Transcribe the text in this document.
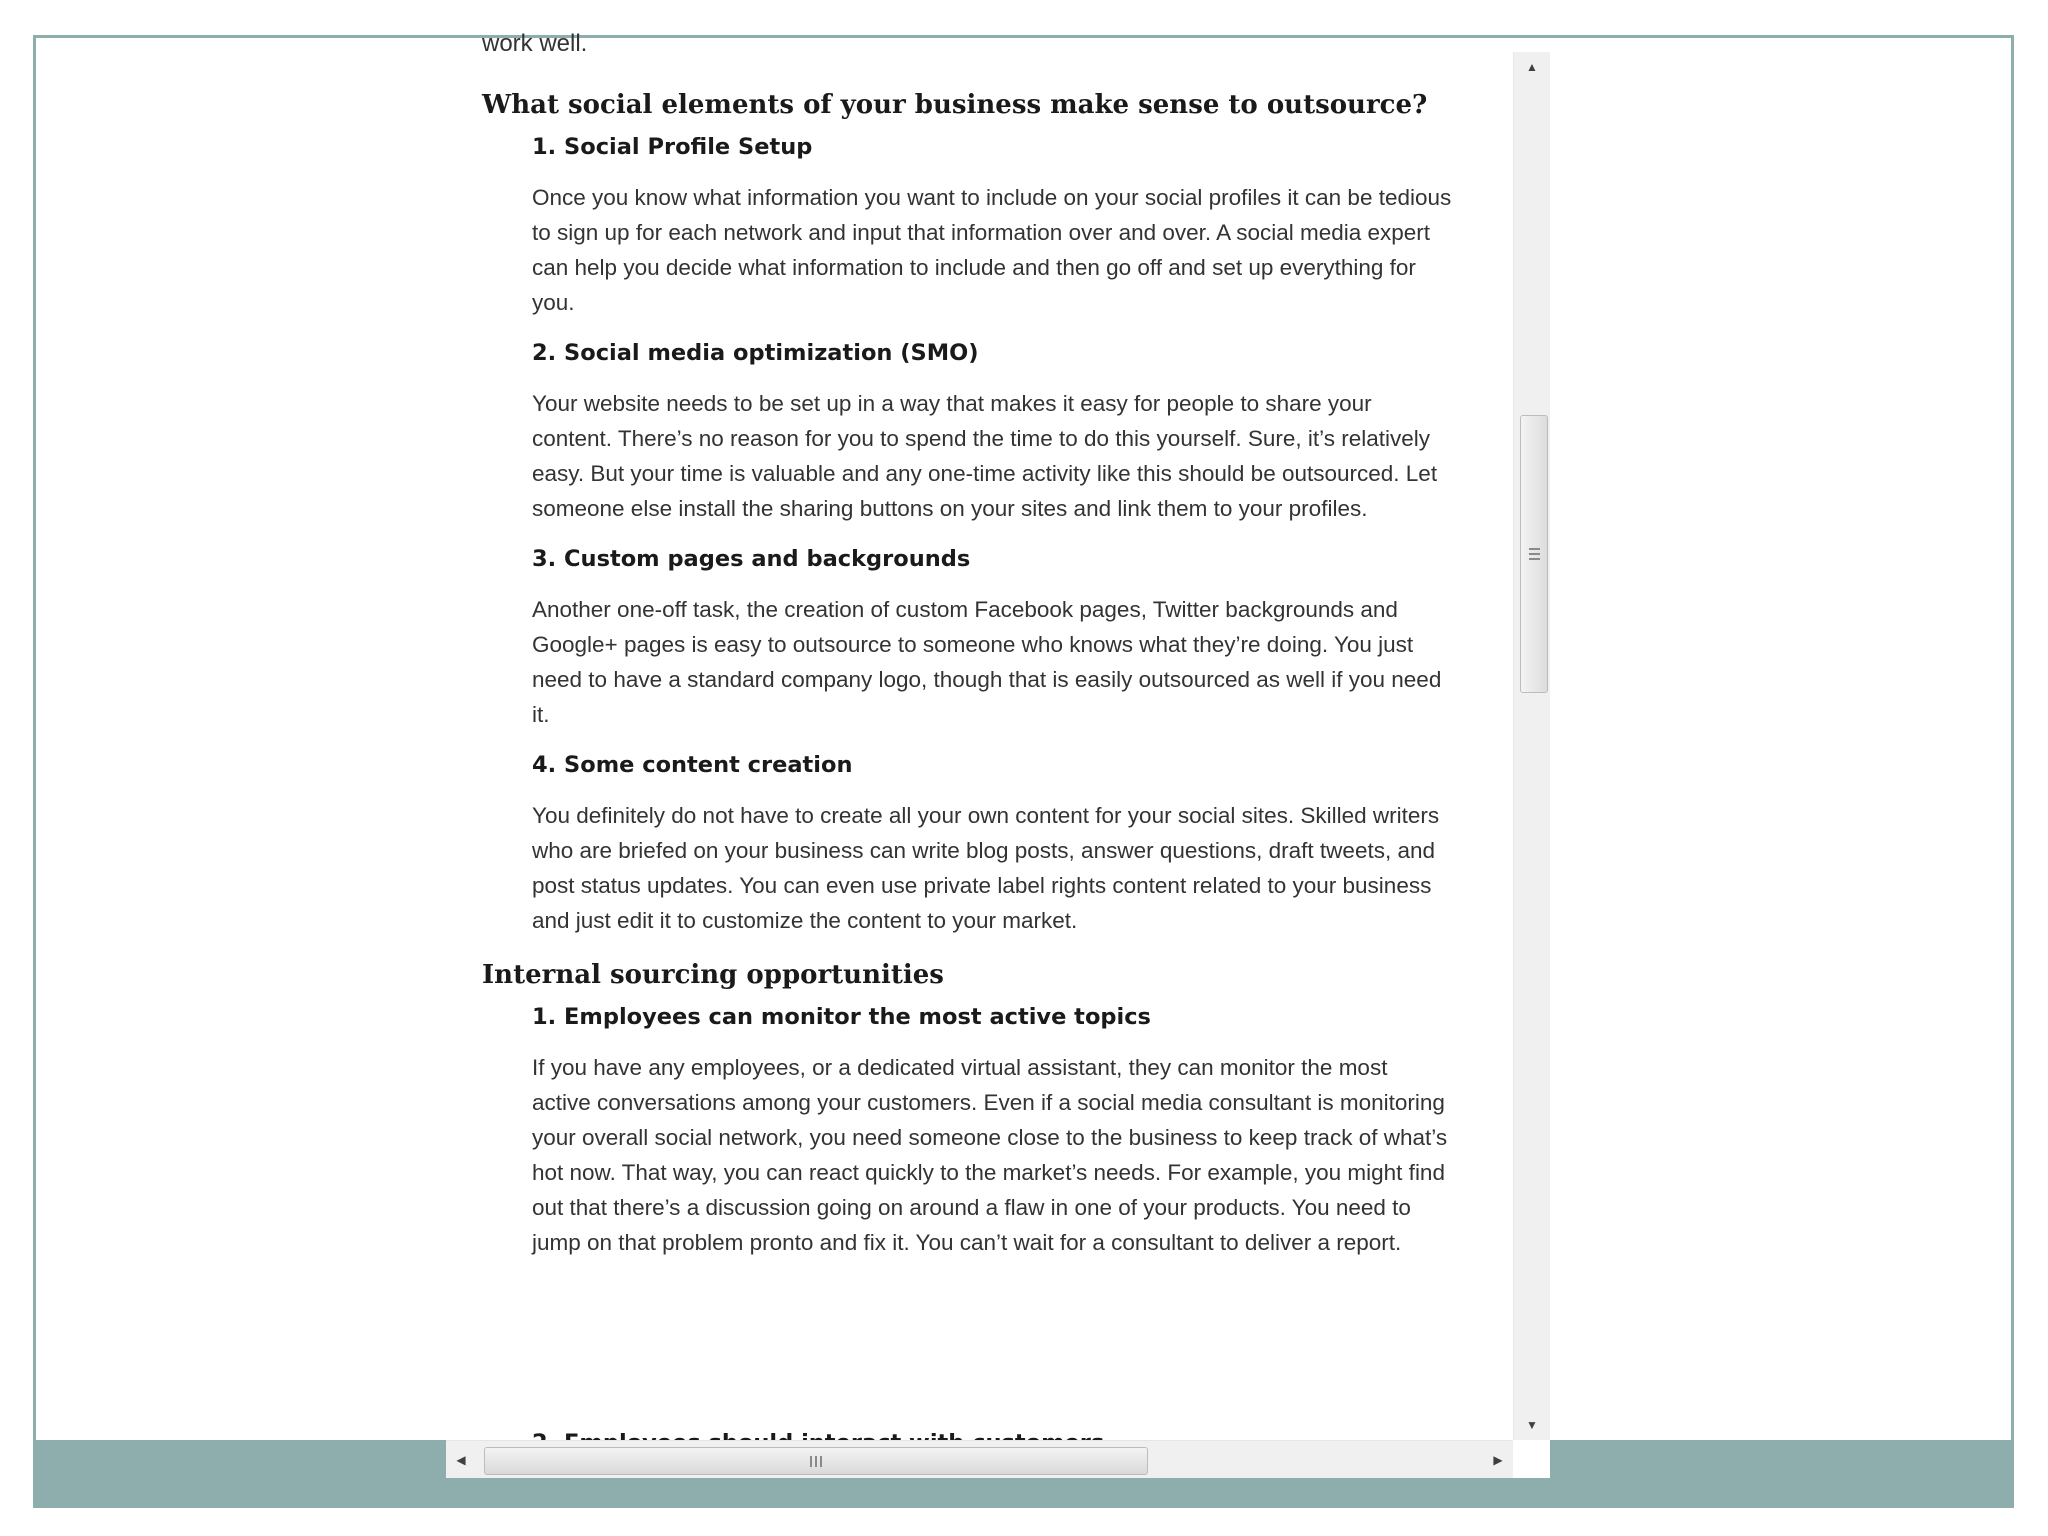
work well.
What social elements of your business make sense to outsource?

1. Social Profile Setup

Once you know what information you want to include on your social profiles it can be tedious to sign up for each network and input that information over and over. A social media expert can help you decide what information to include and then go off and set up everything for you.

2. Social media optimization (SMO)

Your website needs to be set up in a way that makes it easy for people to share your content. There’s no reason for you to spend the time to do this yourself. Sure, it’s relatively easy. But your time is valuable and any one-time activity like this should be outsourced. Let someone else install the sharing buttons on your sites and link them to your profiles.

3. Custom pages and backgrounds

Another one-off task, the creation of custom Facebook pages, Twitter backgrounds and Google+ pages is easy to outsource to someone who knows what they’re doing. You just need to have a standard company logo, though that is easily outsourced as well if you need it.

4. Some content creation

You definitely do not have to create all your own content for your social sites. Skilled writers who are briefed on your business can write blog posts, answer questions, draft tweets, and post status updates. You can even use private label rights content related to your business and just edit it to customize the content to your market.

Internal sourcing opportunities

1. Employees can monitor the most active topics

If you have any employees, or a dedicated virtual assistant, they can monitor the most active conversations among your customers. Even if a social media consultant is monitoring your overall social network, you need someone close to the business to keep track of what’s hot now. That way, you can react quickly to the market’s needs. For example, you might find out that there’s a discussion going on around a flaw in one of your products. You need to jump on that problem pronto and fix it. You can’t wait for a consultant to deliver a report.

▲
▼
◀	▶
